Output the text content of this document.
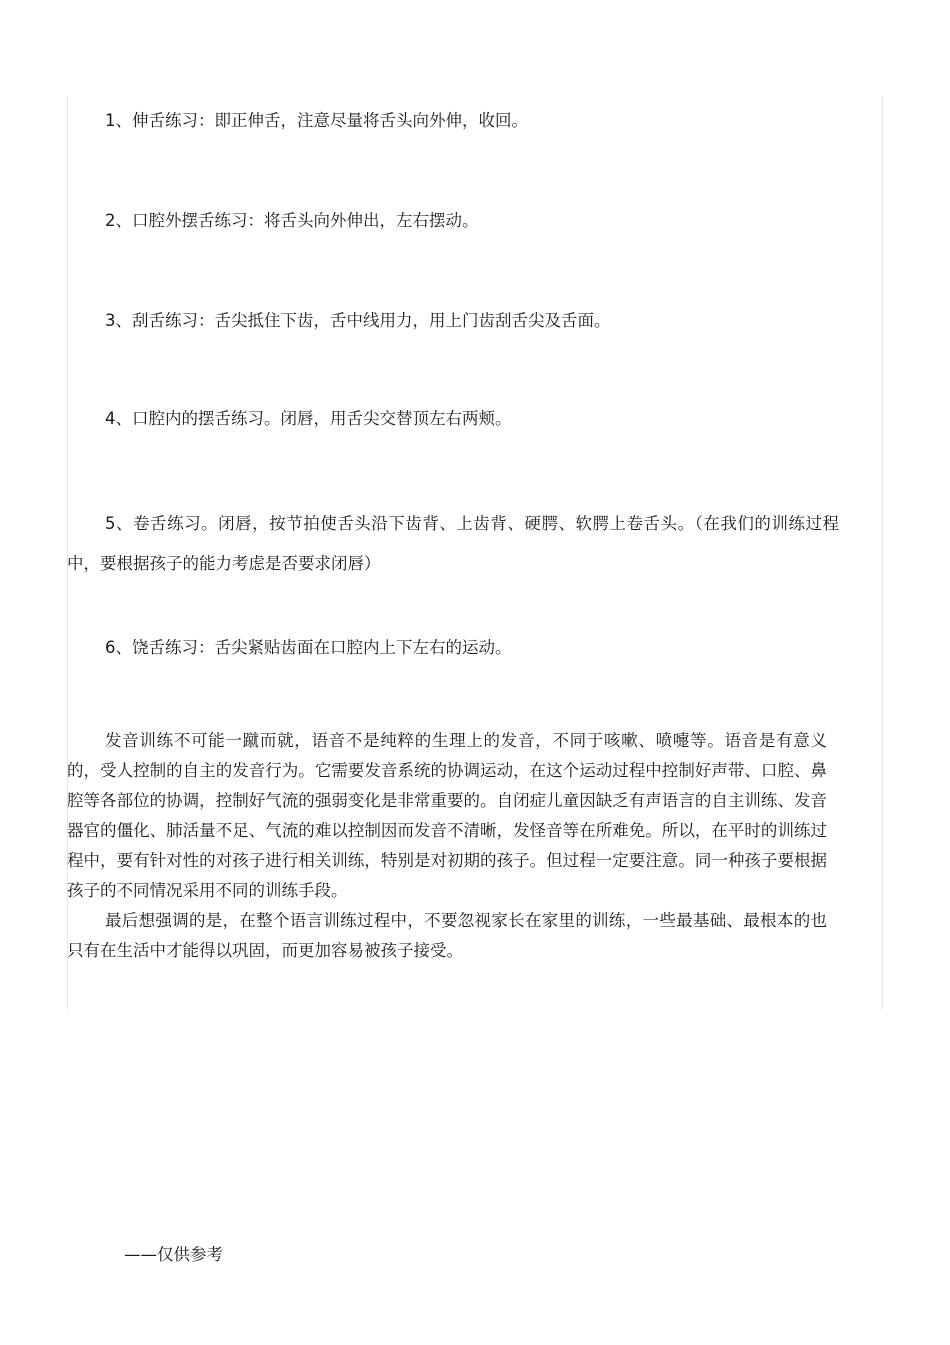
1、伸舌练习：即正伸舌，注意尽量将舌头向外伸，收回。

2、口腔外摆舌练习：将舌头向外伸出，左右摆动。

3、刮舌练习：舌尖抵住下齿，舌中线用力，用上门齿刮舌尖及舌面。

4、口腔内的摆舌练习。闭唇，用舌尖交替顶左右两颊。

5、卷舌练习。闭唇，按节拍使舌头沿下齿背、上齿背、硬腭、软腭上卷舌头。（在我们的训练过程中，要根据孩子的能力考虑是否要求闭唇）

6、饶舌练习：舌尖紧贴齿面在口腔内上下左右的运动。

发音训练不可能一蹴而就，语音不是纯粹的生理上的发音，不同于咳嗽、喷嚏等。语音是有意义的，受人控制的自主的发音行为。它需要发音系统的协调运动，在这个运动过程中控制好声带、口腔、鼻腔等各部位的协调，控制好气流的强弱变化是非常重要的。自闭症儿童因缺乏有声语言的自主训练、发音器官的僵化、肺活量不足、气流的难以控制因而发音不清晰，发怪音等在所难免。所以，在平时的训练过程中，要有针对性的对孩子进行相关训练，特别是对初期的孩子。但过程一定要注意。同一种孩子要根据孩子的不同情况采用不同的训练手段。

最后想强调的是，在整个语言训练过程中，不要忽视家长在家里的训练，一些最基础、最根本的也只有在生活中才能得以巩固，而更加容易被孩子接受。

——仅供参考
